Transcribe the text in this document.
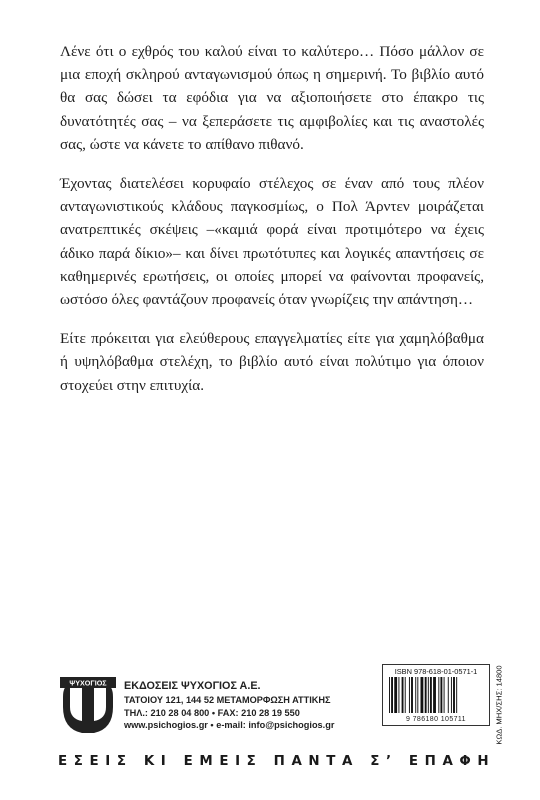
Λένε ότι ο εχθρός του καλού είναι το καλύτερο… Πόσο μάλλον σε μια εποχή σκληρού ανταγωνισμού όπως η σημερινή. Το βιβλίο αυτό θα σας δώσει τα εφόδια για να αξιοποιήσετε στο έπακρο τις δυνατότητές σας – να ξεπεράσετε τις αμφιβολίες και τις αναστολές σας, ώστε να κάνετε το απίθανο πιθανό.

Έχοντας διατελέσει κορυφαίο στέλεχος σε έναν από τους πλέον ανταγωνιστικούς κλάδους παγκοσμίως, ο Πολ Άρντεν μοιράζεται ανατρεπτικές σκέψεις –«καμιά φορά είναι προτιμότερο να έχεις άδικο παρά δίκιο»– και δίνει πρωτότυπες και λογικές απαντήσεις σε καθημερινές ερωτήσεις, οι οποίες μπορεί να φαίνονται προφανείς, ωστόσο όλες φαντάζουν προφανείς όταν γνωρίζεις την απάντηση…

Είτε πρόκειται για ελεύθερους επαγγελματίες είτε για χαμηλόβαθμα ή υψηλόβαθμα στελέχη, το βιβλίο αυτό είναι πολύτιμο για όποιον στοχεύει στην επιτυχία.

ΨΥΧΟΓΙΟΣ ΕΚΔΟΣΕΙΣ ΨΥΧΟΓΙΟΣ Α.Ε.
ΤΑΤΟΙΟΥ 121, 144 52 ΜΕΤΑΜΟΡΦΩΣΗ ΑΤΤΙΚΗΣ
ΤΗΛ.: 210 28 04 800 • FAX: 210 28 19 550
www.psichogios.gr • e-mail: info@psichogios.gr
ISBN 978-618-01-0571-1
9 786180 105711	ΚΩΔ. ΜΗΧ/ΣΗΣ: 14800
ΕΣΕΙΣ ΚΙ ΕΜΕΙΣ ΠΑΝΤΑ Σ’ ΕΠΑΦΗ
